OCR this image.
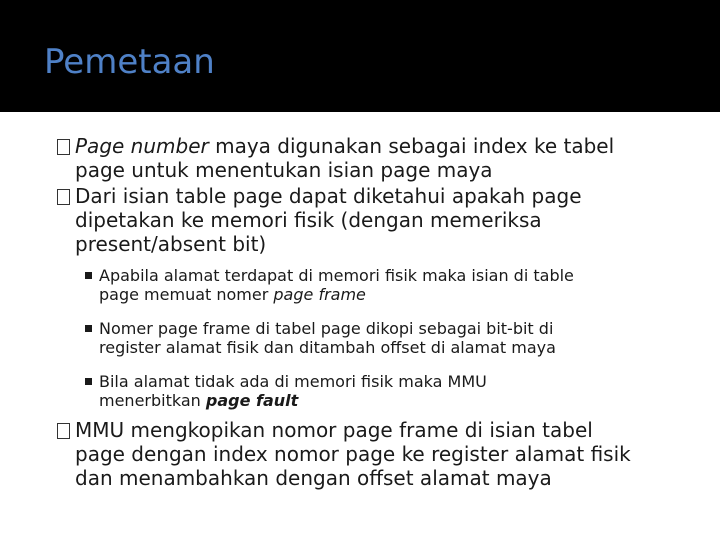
Pemetaan
Page number maya digunakan sebagai index ke tabel
page untuk menentukan isian page maya
Dari isian table page dapat diketahui apakah page
dipetakan ke memori fisik (dengan memeriksa
present/absent bit)
Apabila alamat terdapat di memori fisik maka isian di table
page memuat nomer page frame
Nomer page frame di tabel page dikopi sebagai bit-bit di
register alamat fisik dan ditambah offset di alamat maya
Bila alamat tidak ada di memori fisik maka MMU
menerbitkan page fault
MMU mengkopikan nomor page frame di isian tabel
page dengan index nomor page ke register alamat fisik
dan menambahkan dengan offset alamat maya
